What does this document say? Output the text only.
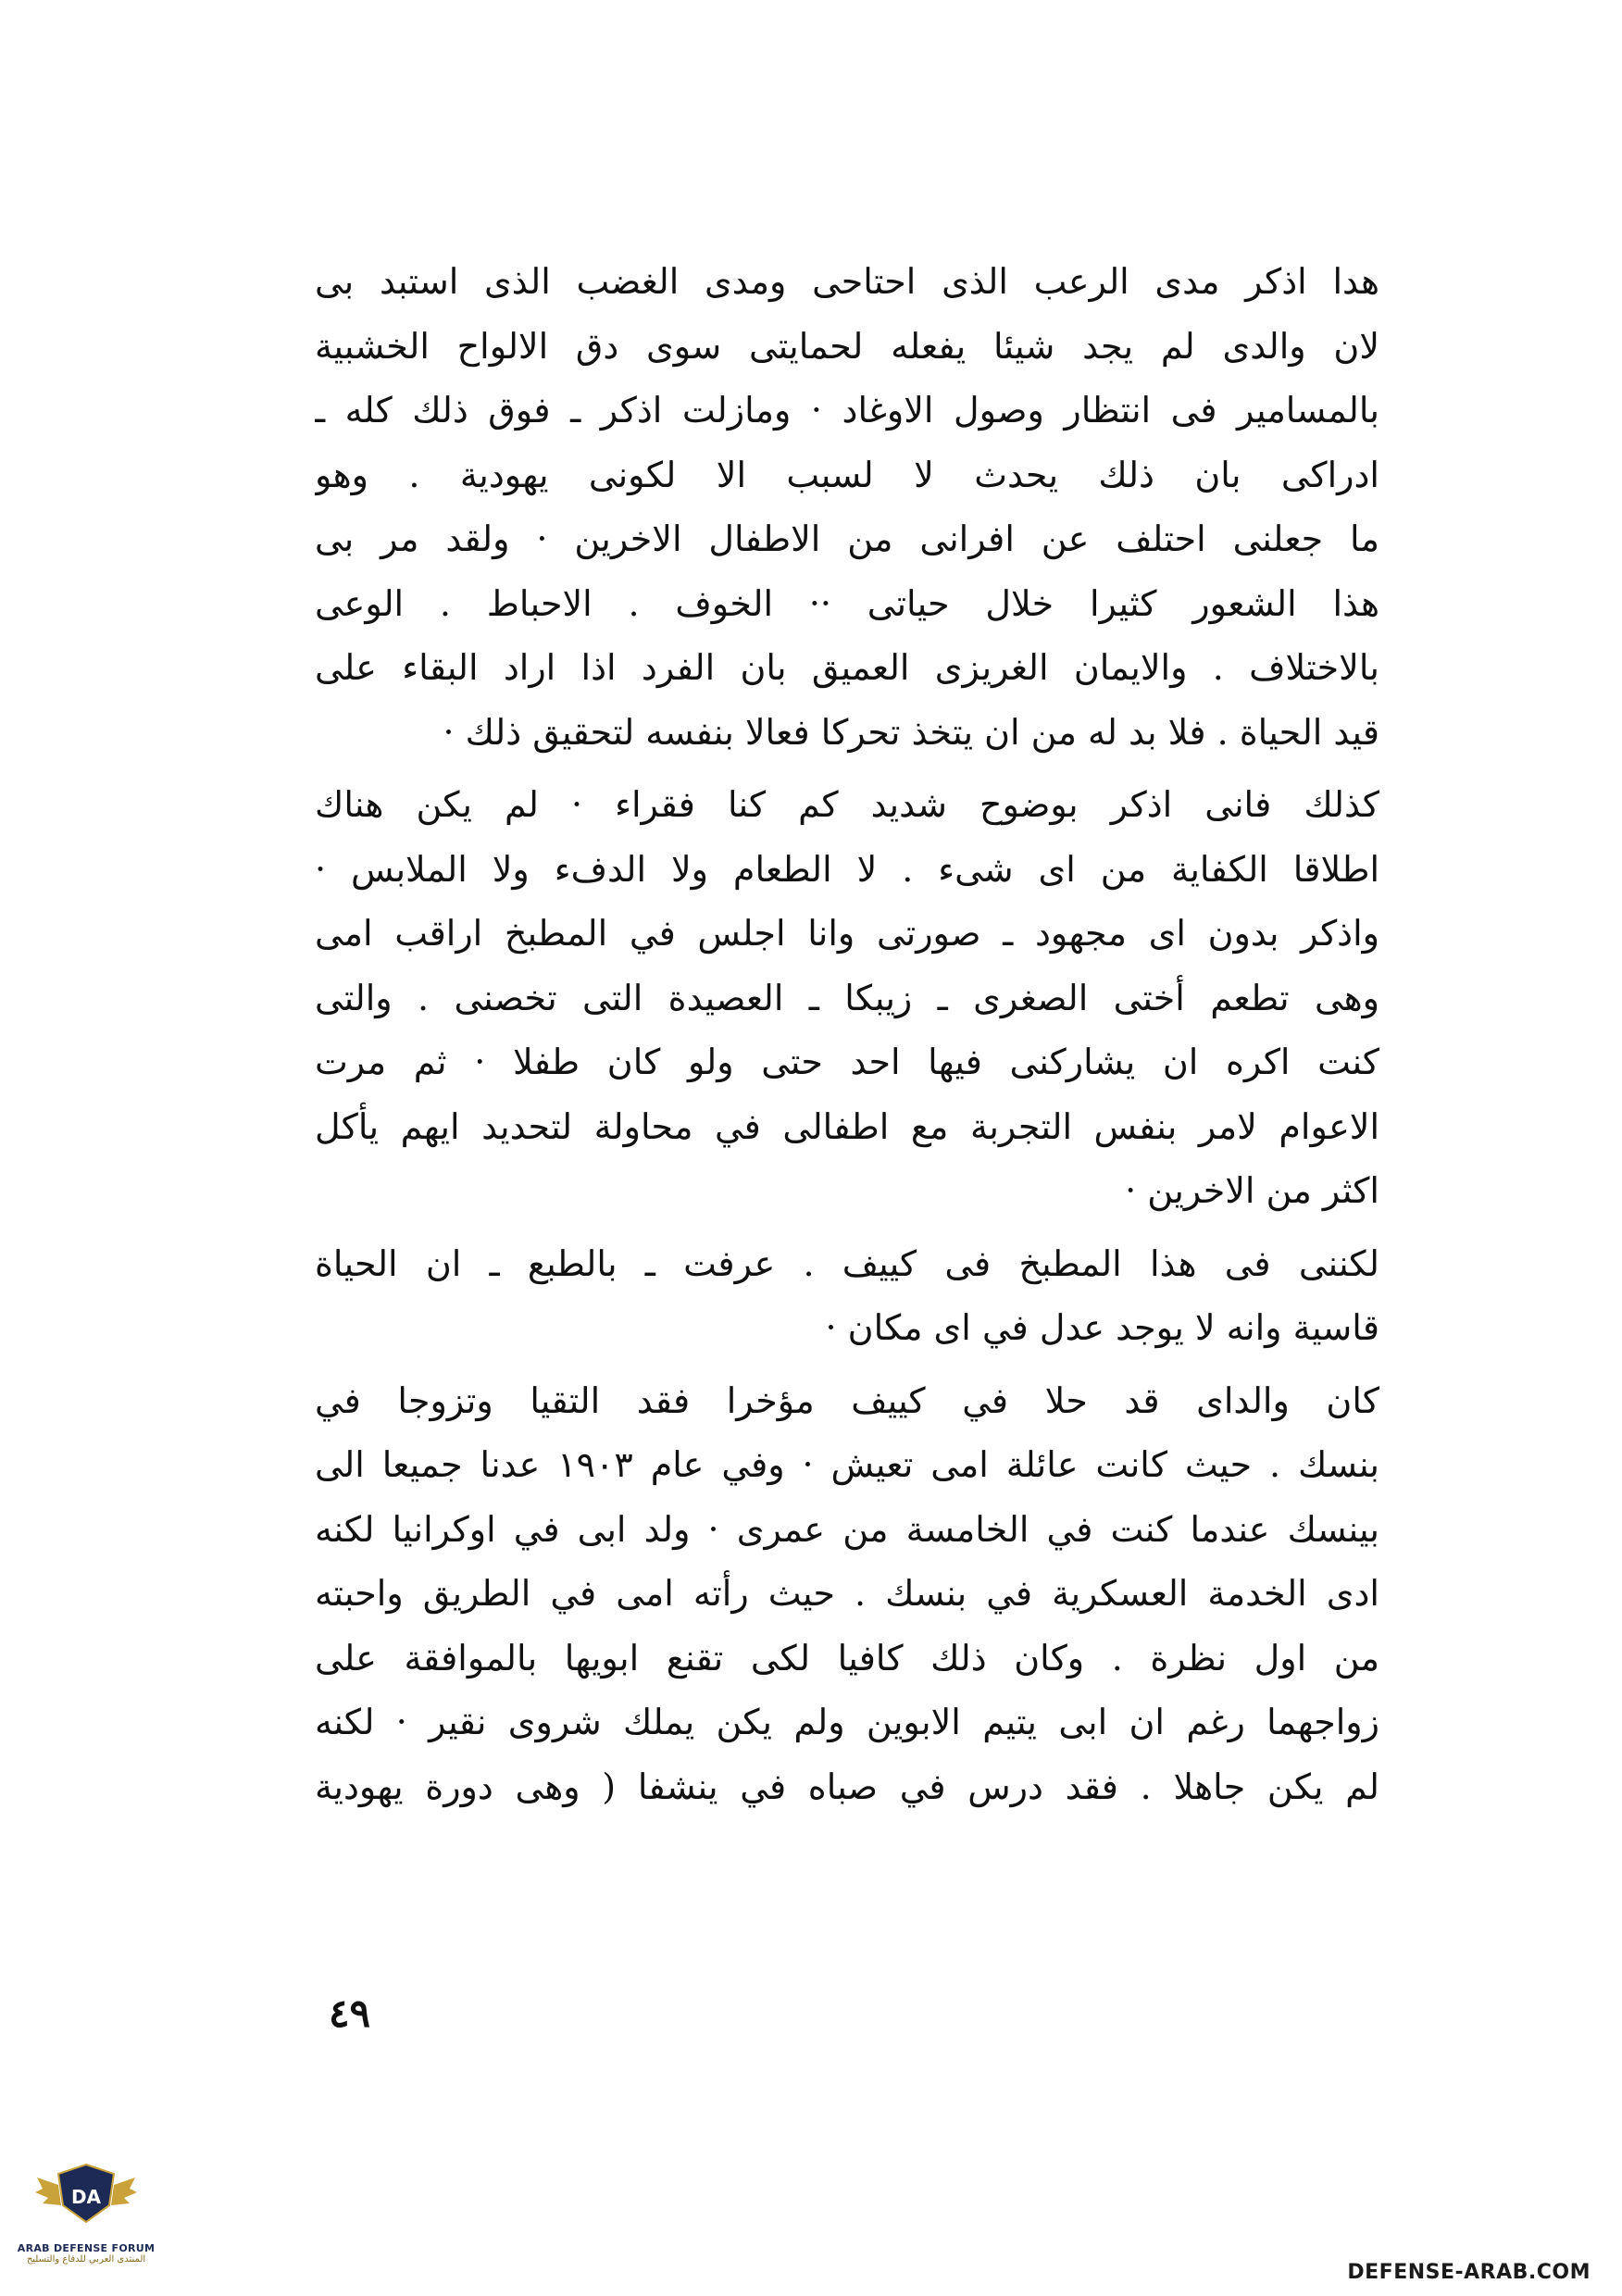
هدا اذكر مدى الرعب الذى احتاحى ومدى الغضب الذى استبد بى
لان والدى لم يجد شيئا يفعله لحمايتى سوى دق الالواح الخشبية
بالمسامير فى انتظار وصول الاوغاد · ومازلت اذكر ـ فوق ذلك كله ـ
ادراكى بان ذلك يحدث لا لسبب الا لكونى يهودية . وهو
ما جعلنى احتلف عن افرانى من الاطفال الاخرين · ولقد مر بى
هذا الشعور كثيرا خلال حياتى ·· الخوف . الاحباط . الوعى
بالاختلاف . والايمان الغريزى العميق بان الفرد اذا اراد البقاء على
قيد الحياة . فلا بد له من ان يتخذ تحركا فعالا بنفسه لتحقيق ذلك ·

كذلك فانى اذكر بوضوح شديد كم كنا فقراء · لم يكن هناك
اطلاقا الكفاية من اى شىء . لا الطعام ولا الدفء ولا الملابس ·
واذكر بدون اى مجهود ـ صورتى وانا اجلس في المطبخ اراقب امى
وهى تطعم أختى الصغرى ـ زيبكا ـ العصيدة التى تخصنى . والتى
كنت اكره ان يشاركنى فيها احد حتى ولو كان طفلا · ثم مرت
الاعوام لامر بنفس التجربة مع اطفالى في محاولة لتحديد ايهم يأكل
اكثر من الاخرين ·

لكننى فى هذا المطبخ فى كييف . عرفت ـ بالطبع ـ ان الحياة
قاسية وانه لا يوجد عدل في اى مكان ·

كان والداى قد حلا في كييف مؤخرا فقد التقيا وتزوجا في
بنسك . حيث كانت عائلة امى تعيش · وفي عام ١٩٠٣ عدنا جميعا الى
بينسك عندما كنت في الخامسة من عمرى · ولد ابى في اوكرانيا لكنه
ادى الخدمة العسكرية في بنسك . حيث رأته امى في الطريق واحبته
من اول نظرة . وكان ذلك كافيا لكى تقنع ابويها بالموافقة على
زواجهما رغم ان ابى يتيم الابوين ولم يكن يملك شروى نقير · لكنه
لم يكن جاهلا . فقد درس في صباه في ينشفا ( وهى دورة يهودية

٤٩
DA
ARAB DEFENSE FORUM
المنتدى العربي للدفاع والتسليح
DEFENSE-ARAB.COM
